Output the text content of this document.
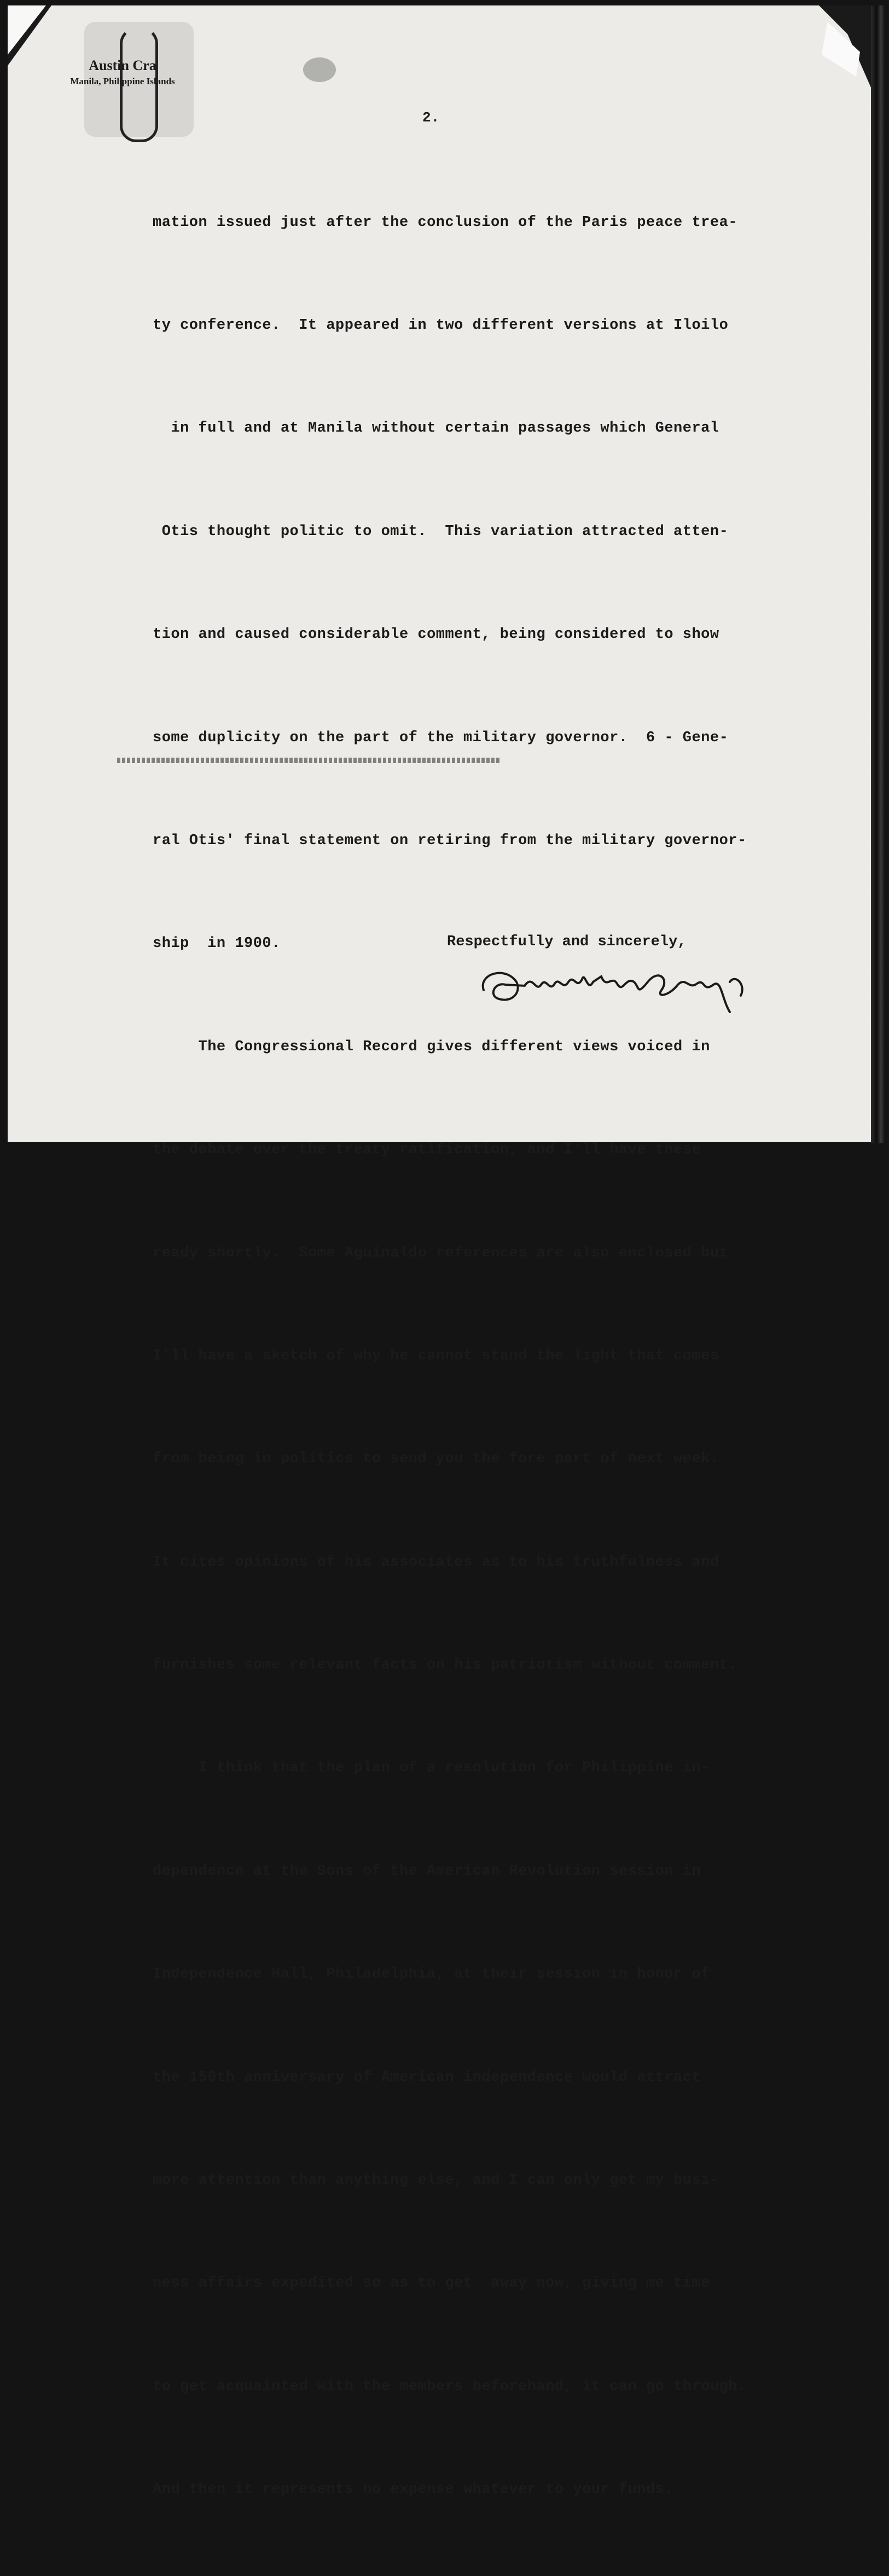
Austin Cra
Manila, Philippine Islands
2.

mation issued just after the conclusion of the Paris peace trea-

ty conference.  It appeared in two different versions at Iloilo

in full and at Manila without certain passages which General

Otis thought politic to omit.  This variation attracted atten-

tion and caused considerable comment, being considered to show

some duplicity on the part of the military governor.  6 - Gene-

ral Otis' final statement on retiring from the military governor-

ship  in 1900.

The Congressional Record gives different views voiced in

the debate over the treaty ratification, and I'll have these

ready shortly.  Some Aguinaldo references are also enclosed but

I'll have a sketch of why he cannot stand the light that comes

from being in politics to send you the fore part of next week.

It cites opinions of his associates as to his truthfulness and

furnishes some relevant facts on his patriotism without comment.

I think that the plan of a resolution for Philippine in-

dependence at the Sons of the American Revolution session in

Independence Hall, Philadelphia, at their session in honor of

the 150th anniversary of American independence would attract

more attention than anything else, and I can only get my busi-

ness affairs expedited so as to get  away now, giving me time

to get acquainted with the members beforehand, it can go through.

And then it represents no expense whatever to your funds.

Respectfully and sincerely,
